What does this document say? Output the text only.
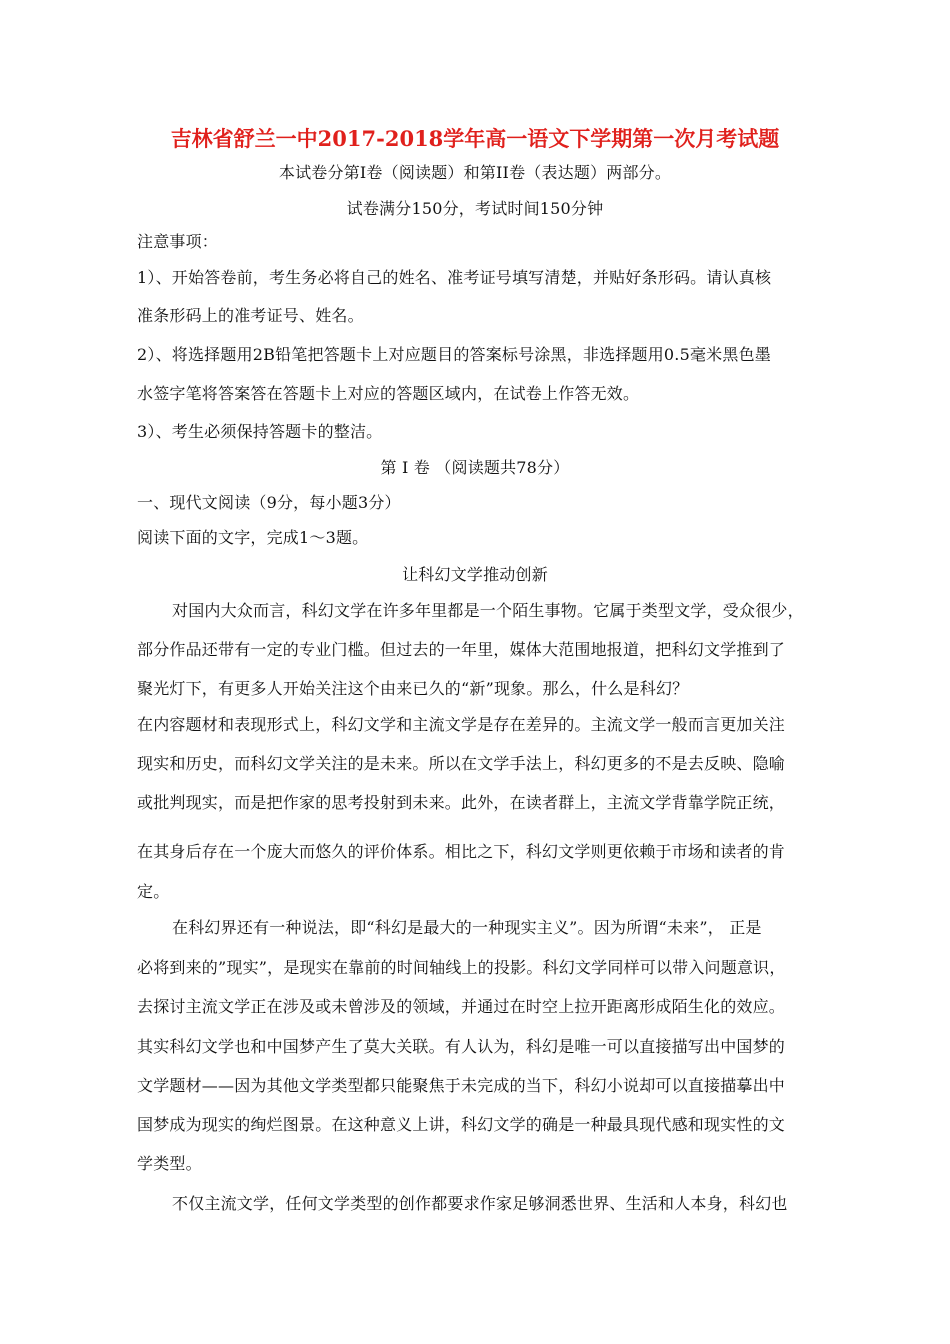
吉林省舒兰一中2017-2018学年高一语文下学期第一次月考试题
本试卷分第I卷（阅读题）和第II卷（表达题）两部分。
试卷满分150分，考试时间150分钟
注意事项：
1）、开始答卷前，考生务必将自己的姓名、准考证号填写清楚，并贴好条形码。请认真核
准条形码上的准考证号、姓名。
2）、将选择题用2B铅笔把答题卡上对应题目的答案标号涂黑，非选择题用0.5毫米黑色墨
水签字笔将答案答在答题卡上对应的答题区域内，在试卷上作答无效。
3）、考生必须保持答题卡的整洁。
第 I 卷 （阅读题共78分）
一、现代文阅读（9分，每小题3分）
阅读下面的文字，完成1～3题。
让科幻文学推动创新
对国内大众而言，科幻文学在许多年里都是一个陌生事物。它属于类型文学，受众很少，
部分作品还带有一定的专业门槛。但过去的一年里，媒体大范围地报道，把科幻文学推到了
聚光灯下，有更多人开始关注这个由来已久的“新”现象。那么，什么是科幻？
在内容题材和表现形式上，科幻文学和主流文学是存在差异的。主流文学一般而言更加关注
现实和历史，而科幻文学关注的是未来。所以在文学手法上，科幻更多的不是去反映、隐喻
或批判现实，而是把作家的思考投射到未来。此外，在读者群上，主流文学背靠学院正统，
在其身后存在一个庞大而悠久的评价体系。相比之下，科幻文学则更依赖于市场和读者的肯
定。
在科幻界还有一种说法，即“科幻是最大的一种现实主义”。因为所谓“未来”， 正是
必将到来的”现实”，是现实在靠前的时间轴线上的投影。科幻文学同样可以带入问题意识，
去探讨主流文学正在涉及或未曾涉及的领域，并通过在时空上拉开距离形成陌生化的效应。
其实科幻文学也和中国梦产生了莫大关联。有人认为，科幻是唯一可以直接描写出中国梦的
文学题材——因为其他文学类型都只能聚焦于未完成的当下，科幻小说却可以直接描摹出中
国梦成为现实的绚烂图景。在这种意义上讲，科幻文学的确是一种最具现代感和现实性的文
学类型。
不仅主流文学，任何文学类型的创作都要求作家足够洞悉世界、生活和人本身，科幻也
